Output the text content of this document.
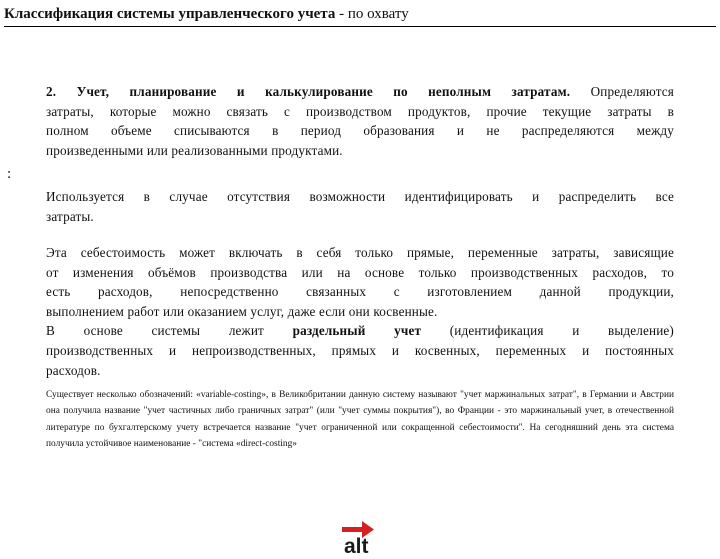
Классификация системы управленческого учета - по охвату
:
2. Учет, планирование и калькулирование по неполным затратам. Определяются
затраты, которые можно связать с производством продуктов, прочие текущие затраты в
полном объеме списываются в период образования и не распределяются между
произведенными или реализованными продуктами.
Используется в случае отсутствия возможности идентифицировать и распределить все
затраты.
Эта себестоимость может включать в себя только прямые, переменные затраты, зависящие
от изменения объёмов производства или на основе только производственных расходов, то
есть расходов, непосредственно связанных с изготовлением данной продукции,
выполнением работ или оказанием услуг, даже если они косвенные.
В основе системы лежит раздельный учет (идентификация и выделение)
производственных и непроизводственных, прямых и косвенных, переменных и постоянных
расходов.
Существует несколько обозначений: «variable-costing», в Великобритании данную систему называют "учет маржинальных затрат", в Германии и Австрии она получила название "учет частичных либо граничных затрат" (или "учет суммы покрытия"), во Франции - это маржинальный учет, в отечественной литературе по бухгалтерскому учету встречается название "учет ограниченной или сокращенной себестоимости". На сегодняшний день эта система получила устойчивое наименование - "система «direct-costing»
alt
